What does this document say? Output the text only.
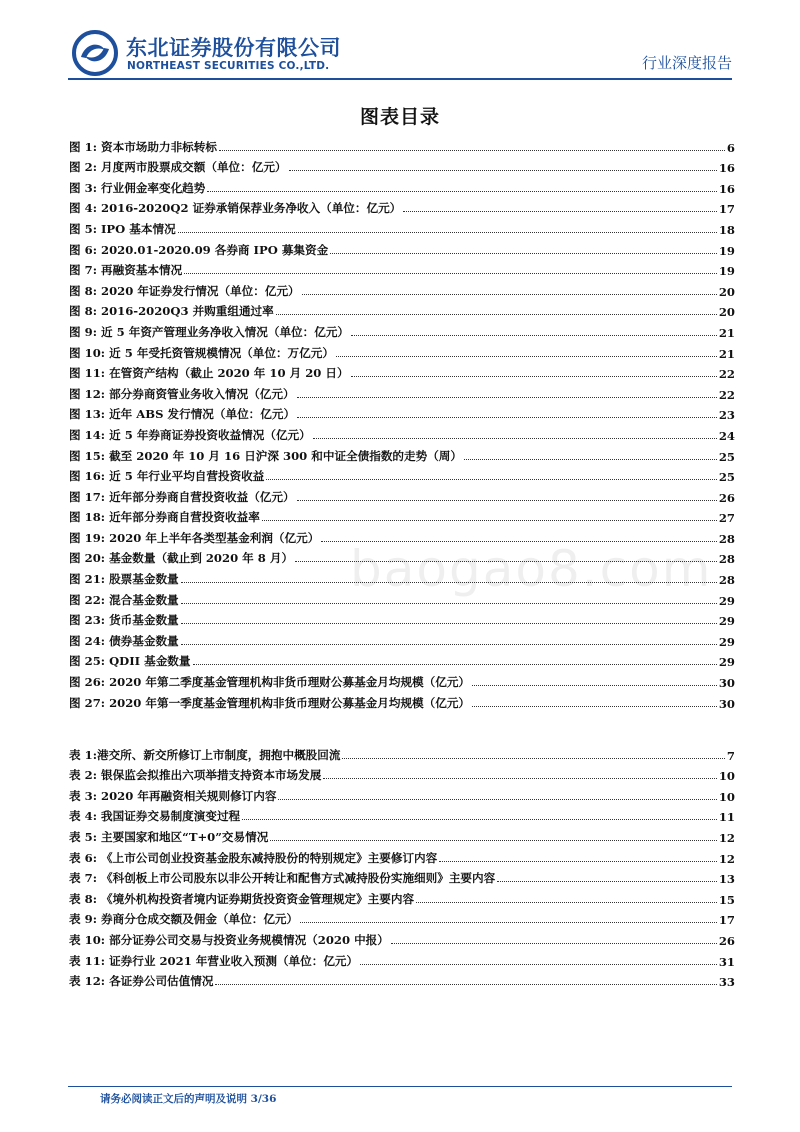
东北证券股份有限公司
NORTHEAST SECURITIES CO.,LTD.	行业深度报告
图表目录
baogao8.com
图 1: 资本市场助力非标转标	6
图 2: 月度两市股票成交额（单位：亿元）	16
图 3: 行业佣金率变化趋势	16
图 4: 2016-2020Q2 证券承销保荐业务净收入（单位：亿元）	17
图 5: IPO 基本情况	18
图 6: 2020.01-2020.09 各券商 IPO 募集资金	19
图 7: 再融资基本情况	19
图 8: 2020 年证券发行情况（单位：亿元）	20
图 8: 2016-2020Q3 并购重组通过率	20
图 9: 近 5 年资产管理业务净收入情况（单位：亿元）	21
图 10: 近 5 年受托资管规模情况（单位：万亿元）	21
图 11: 在管资产结构（截止 2020 年 10 月 20 日）	22
图 12: 部分券商资管业务收入情况（亿元）	22
图 13: 近年 ABS 发行情况（单位：亿元）	23
图 14: 近 5 年券商证券投资收益情况（亿元）	24
图 15: 截至 2020 年 10 月 16 日沪深 300 和中证全债指数的走势（周）	25
图 16: 近 5 年行业平均自营投资收益	25
图 17: 近年部分券商自营投资收益（亿元）	26
图 18: 近年部分券商自营投资收益率	27
图 19: 2020 年上半年各类型基金利润（亿元）	28
图 20: 基金数量（截止到 2020 年 8 月）	28
图 21: 股票基金数量	28
图 22: 混合基金数量	29
图 23: 货币基金数量	29
图 24: 债券基金数量	29
图 25: QDII 基金数量	29
图 26: 2020 年第二季度基金管理机构非货币理财公募基金月均规模（亿元）	30
图 27: 2020 年第一季度基金管理机构非货币理财公募基金月均规模（亿元）	30
表 1:港交所、新交所修订上市制度，拥抱中概股回流	7
表 2: 银保监会拟推出六项举措支持资本市场发展	10
表 3: 2020 年再融资相关规则修订内容	10
表 4: 我国证券交易制度演变过程	11
表 5: 主要国家和地区“T+0”交易情况	12
表 6: 《上市公司创业投资基金股东减持股份的特别规定》主要修订内容	12
表 7: 《科创板上市公司股东以非公开转让和配售方式减持股份实施细则》主要内容	13
表 8: 《境外机构投资者境内证券期货投资资金管理规定》主要内容	15
表 9: 券商分仓成交额及佣金（单位：亿元）	17
表 10: 部分证券公司交易与投资业务规模情况（2020 中报）	26
表 11: 证券行业 2021 年营业收入预测（单位：亿元）	31
表 12: 各证券公司估值情况	33
请务必阅读正文后的声明及说明 3/36
